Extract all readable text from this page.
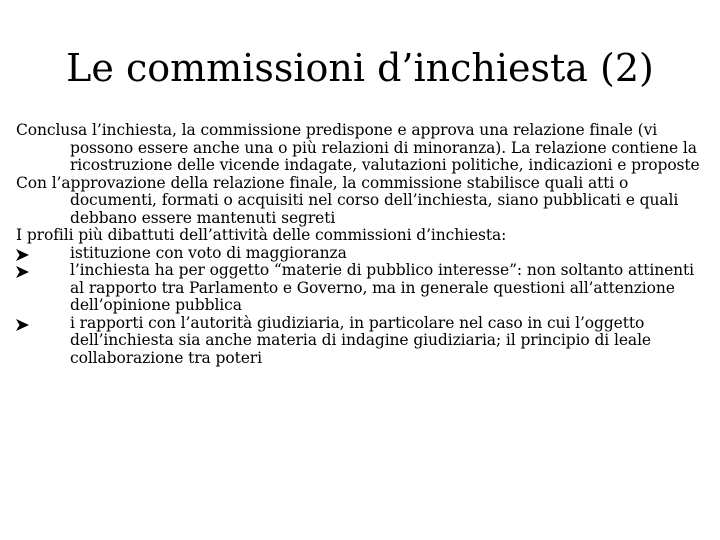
Le commissioni d’inchiesta (2)

Conclusa l’inchiesta, la commissione predispone e approva una relazione finale (vi possono essere anche una o più relazioni di minoranza). La relazione contiene la ricostruzione delle vicende indagate, valutazioni politiche, indicazioni e proposte

Con l’approvazione della relazione finale, la commissione stabilisce quali atti o documenti, formati o acquisiti nel corso dell’inchiesta, siano pubblicati e quali debbano essere mantenuti segreti

I profili più dibattuti dell’attività delle commissioni d’inchiesta:

istituzione con voto di maggioranza
l’inchiesta ha per oggetto “materie di pubblico interesse”: non soltanto attinenti al rapporto tra Parlamento e Governo, ma in generale questioni all’attenzione dell’opinione pubblica
i rapporti con l’autorità giudiziaria, in particolare nel caso in cui l’oggetto dell’inchiesta sia anche materia di indagine giudiziaria; il principio di leale collaborazione tra poteri
